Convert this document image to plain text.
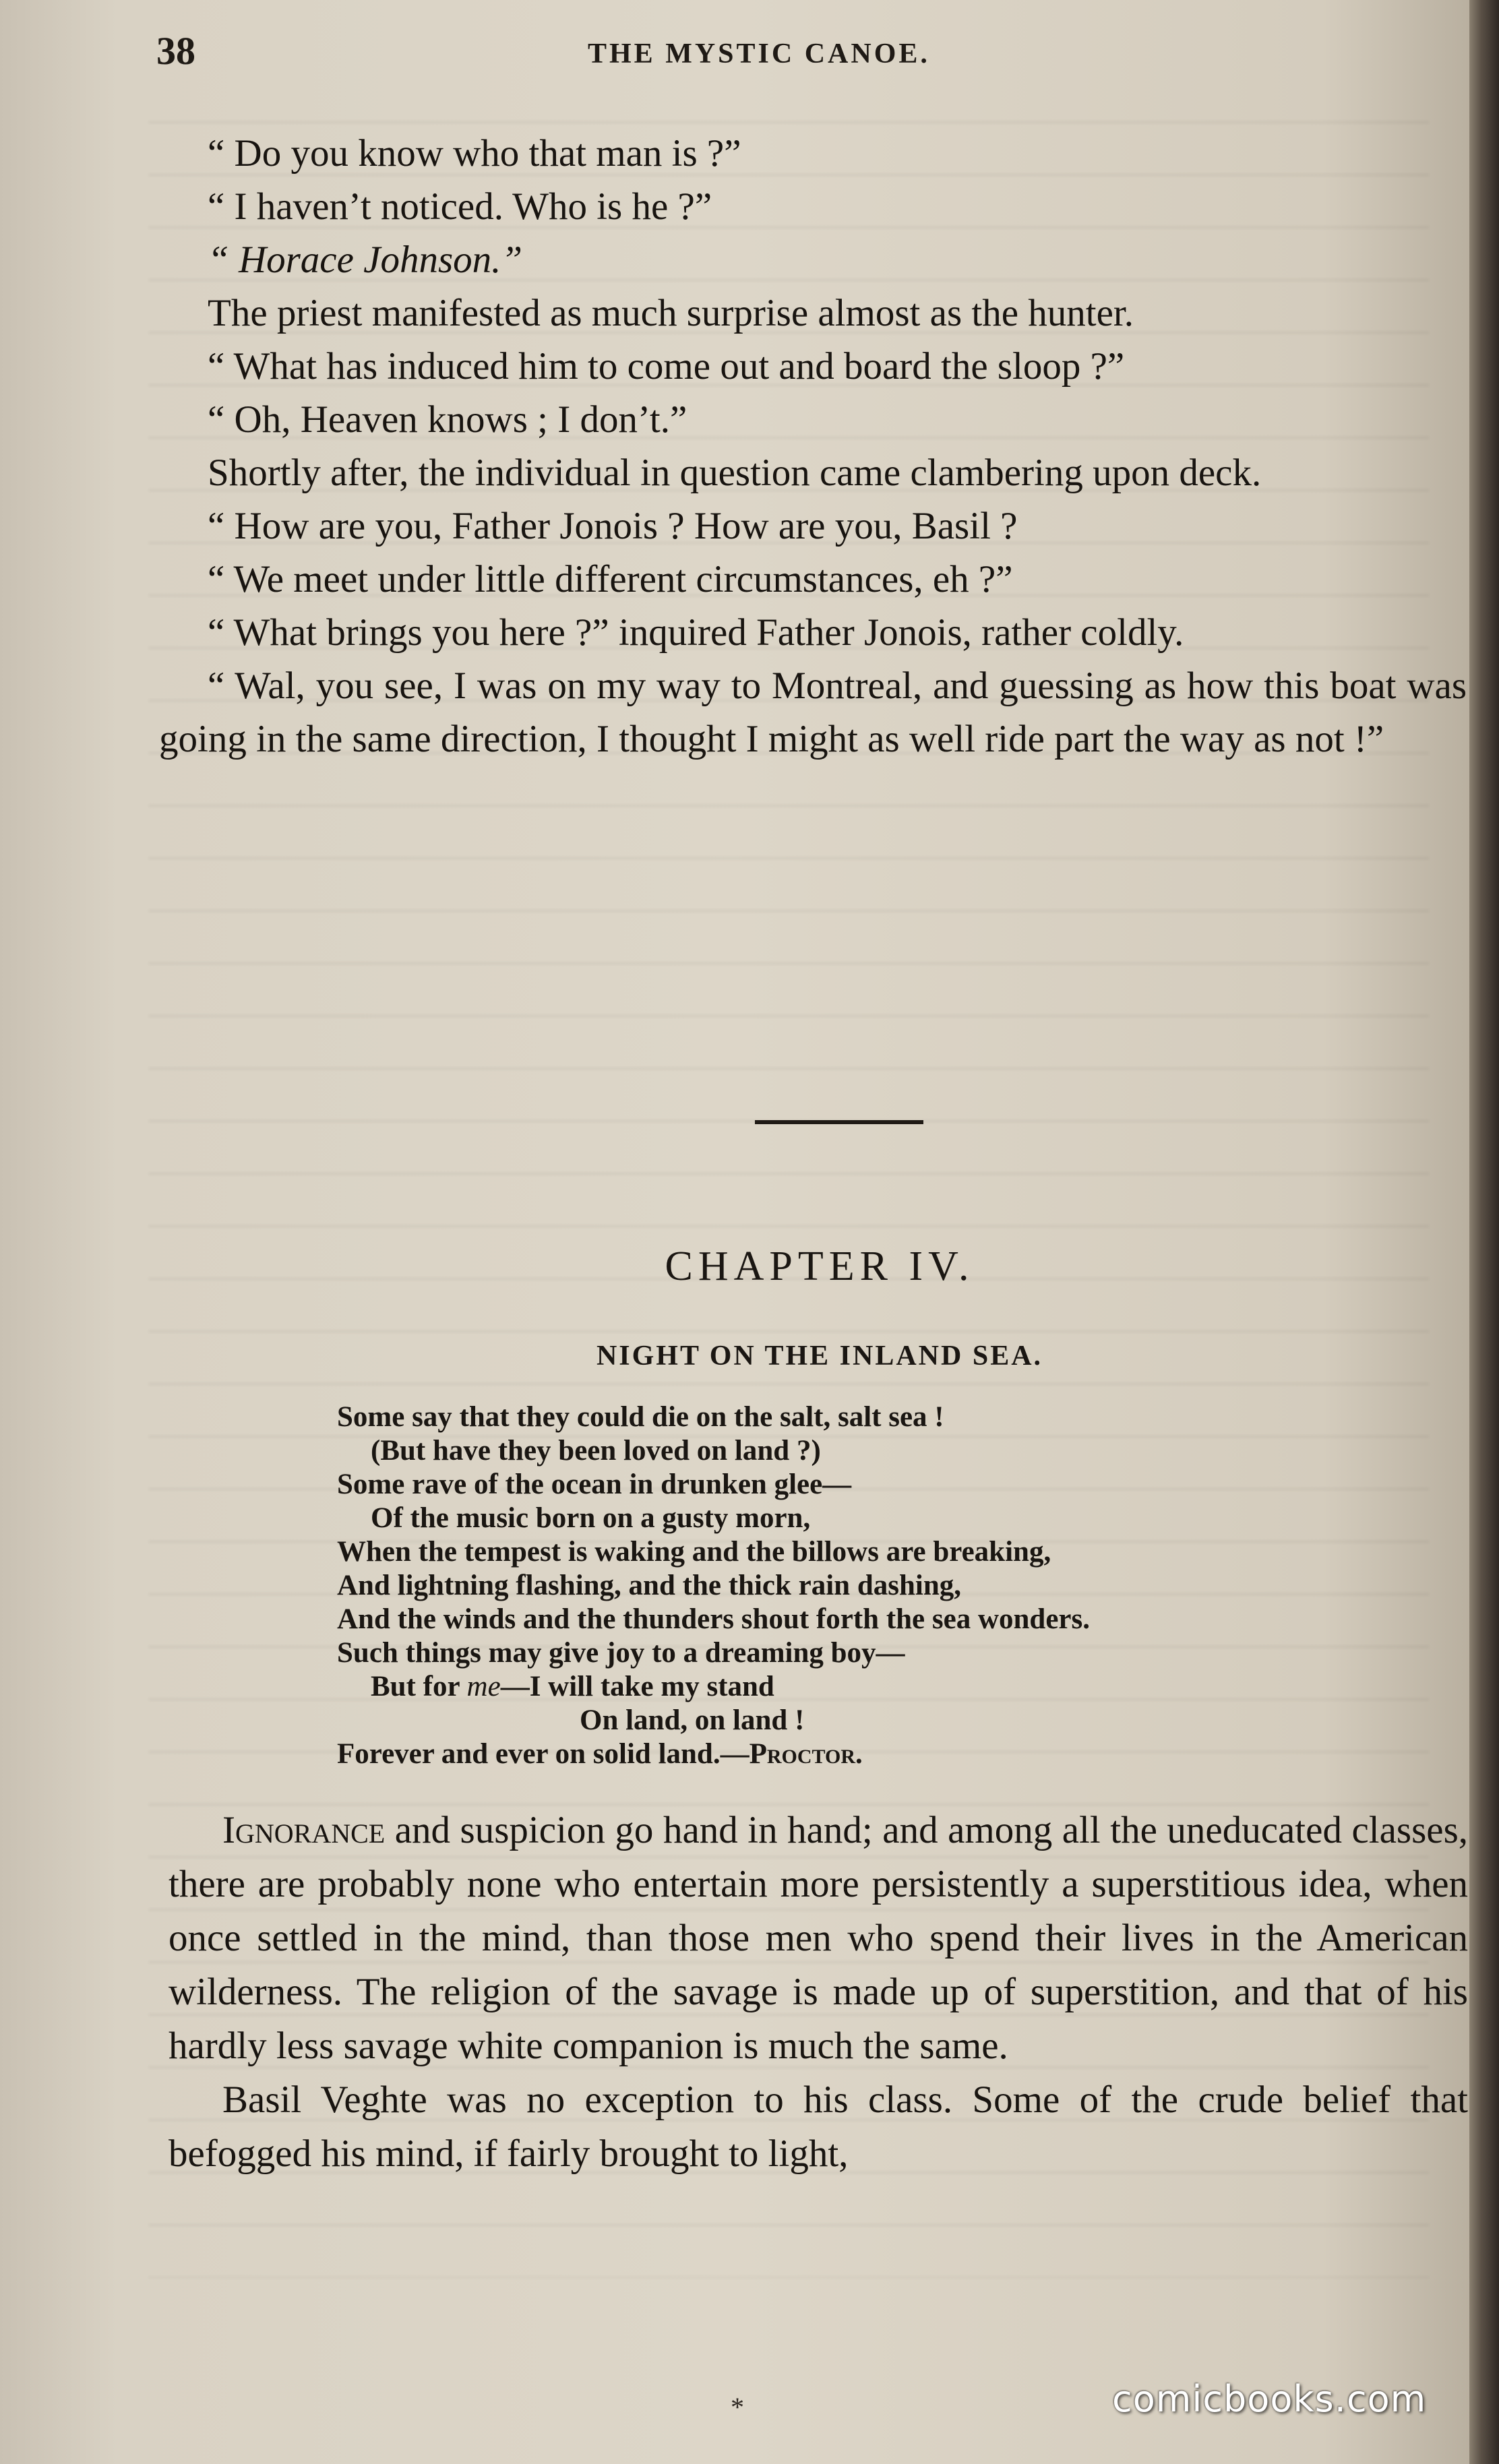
38	THE MYSTIC CANOE.

“ Do you know who that man is ?”

“ I haven’t noticed. Who is he ?”

“ Horace Johnson.”

The priest manifested as much surprise almost as the hunter.

“ What has induced him to come out and board the sloop ?”

“ Oh, Heaven knows ; I don’t.”

Shortly after, the individual in question came clambering upon deck.

“ How are you, Father Jonois ? How are you, Basil ?

“ We meet under little different circumstances, eh ?”

“ What brings you here ?” inquired Father Jonois, rather coldly.

“ Wal, you see, I was on my way to Montreal, and guessing as how this boat was going in the same direction, I thought I might as well ride part the way as not !”

CHAPTER IV.
NIGHT ON THE INLAND SEA.
Some say that they could die on the salt, salt sea !
(But have they been loved on land ?)
Some rave of the ocean in drunken glee—
Of the music born on a gusty morn,
When the tempest is waking and the billows are breaking,
And lightning flashing, and the thick rain dashing,
And the winds and the thunders shout forth the sea wonders.
Such things may give joy to a dreaming boy—
But for me—I will take my stand
On land, on land !
Forever and ever on solid land.—Proctor.

Ignorance and suspicion go hand in hand; and among all the uneducated classes, there are probably none who entertain more persistently a superstitious idea, when once settled in the mind, than those men who spend their lives in the American wilderness. The religion of the savage is made up of superstition, and that of his hardly less savage white companion is much the same.

Basil Veghte was no exception to his class. Some of the crude belief that befogged his mind, if fairly brought to light,

*	comicbooks.com
